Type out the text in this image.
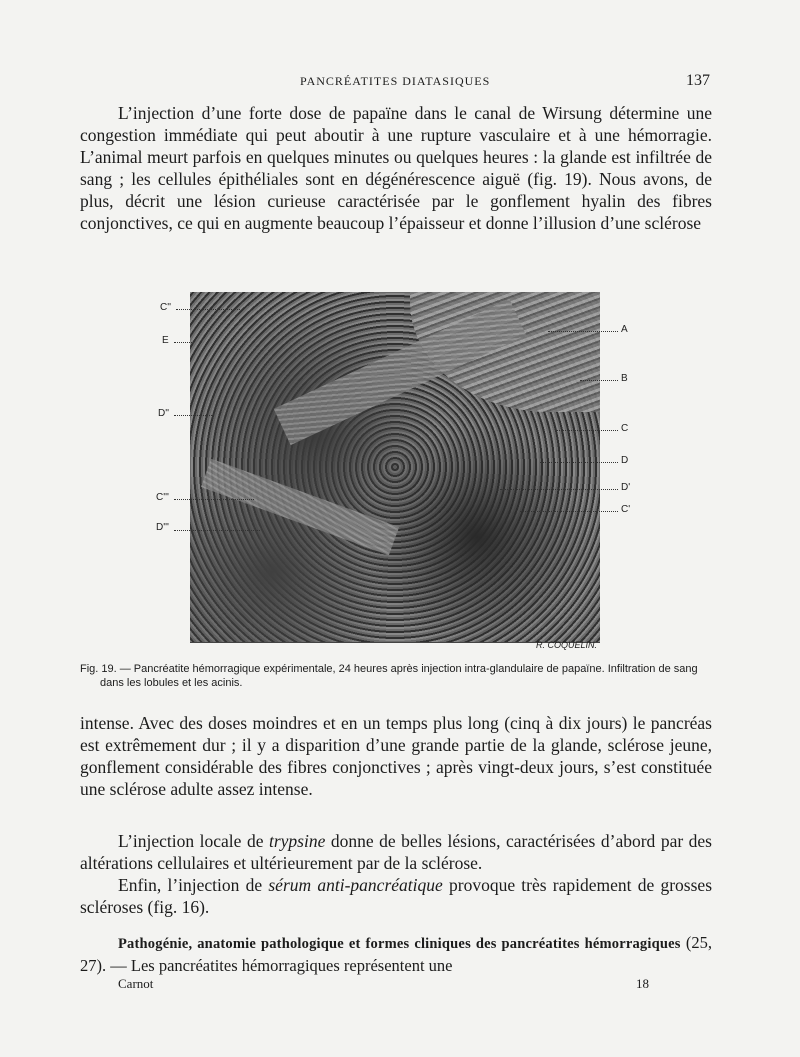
PANCRÉATITES DIATASIQUES	137

L’injection d’une forte dose de papaïne dans le canal de Wirsung détermine une congestion immédiate qui peut aboutir à une rupture vasculaire et à une hémorragie. L’animal meurt parfois en quelques minutes ou quelques heures : la glande est infiltrée de sang ; les cellules épithéliales sont en dégénérescence aiguë (fig. 19). Nous avons, de plus, décrit une lésion curieuse caractérisée par le gonflement hyalin des fibres conjonctives, ce qui en augmente beaucoup l’épaisseur et donne l’illusion d’une sclérose

C''
E
D''
C'''
D'''
A
B
C
D
D'
C'
R. COQUELIN.

Fig. 19. — Pancréatite hémorragique expérimentale, 24 heures après injection intra-glandulaire de papaïne. Infiltration de sang dans les lobules et les acinis.

intense. Avec des doses moindres et en un temps plus long (cinq à dix jours) le pancréas est extrêmement dur ; il y a disparition d’une grande partie de la glande, sclérose jeune, gonflement considérable des fibres conjonctives ; après vingt-deux jours, s’est constituée une sclérose adulte assez intense.

L’injection locale de trypsine donne de belles lésions, caractérisées d’abord par des altérations cellulaires et ultérieurement par de la sclérose.

Enfin, l’injection de sérum anti-pancréatique provoque très rapidement de grosses scléroses (fig. 16).

Pathogénie, anatomie pathologique et formes cliniques des pancréatites hémorragiques (25, 27). — Les pancréatites hémorragiques représentent une

Carnot	18
